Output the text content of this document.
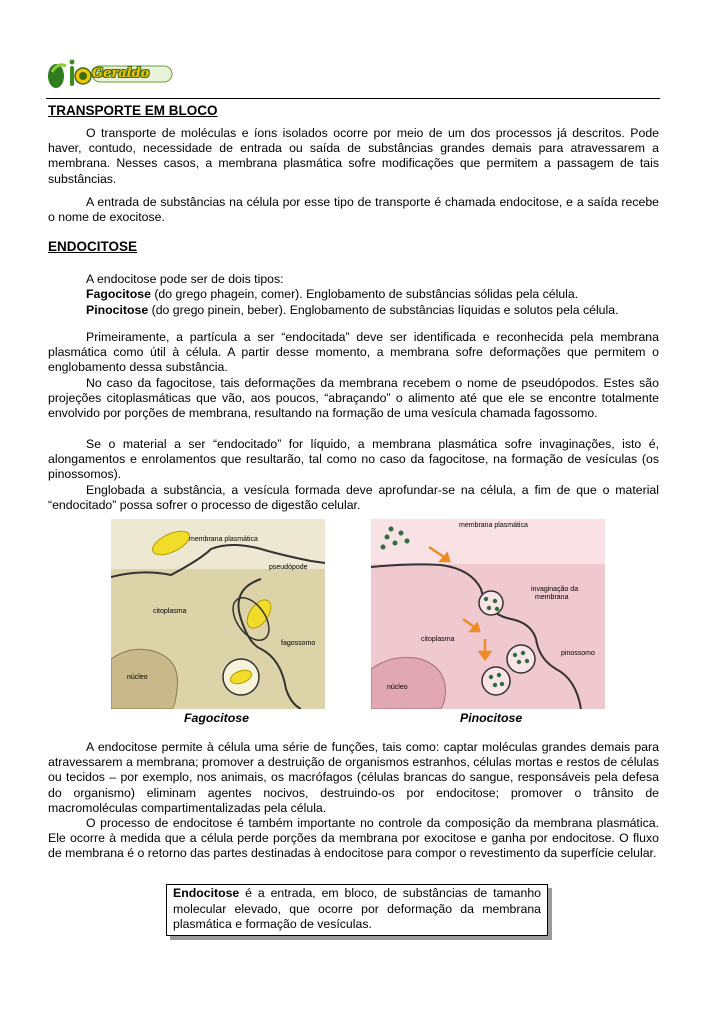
Geraldo
TRANSPORTE EM BLOCO

O transporte de moléculas e íons isolados ocorre por meio de um dos processos já descritos. Pode haver, contudo, necessidade de entrada ou saída de substâncias grandes demais para atravessarem a membrana. Nesses casos, a membrana plasmática sofre modificações que permitem a passagem de tais substâncias.

A entrada de substâncias na célula por esse tipo de transporte é chamada endocitose, e a saída recebe o nome de exocitose.

ENDOCITOSE
A endocitose pode ser de dois tipos:
Fagocitose (do grego phagein, comer). Englobamento de substâncias sólidas pela célula.
Pinocitose (do grego pinein, beber). Englobamento de substâncias líquidas e solutos pela célula.

Primeiramente, a partícula a ser “endocitada” deve ser identificada e reconhecida pela membrana plasmática como útil à célula. A partir desse momento, a membrana sofre deformações que permitem o englobamento dessa substância.

No caso da fagocitose, tais deformações da membrana recebem o nome de pseudópodos. Estes são projeções citoplasmáticas que vão, aos poucos, “abraçando” o alimento até que ele se encontre totalmente envolvido por porções de membrana, resultando na formação de uma vesícula chamada fagossomo.

Se o material a ser “endocitado” for líquido, a membrana plasmática sofre invaginações, isto é, alongamentos e enrolamentos que resultarão, tal como no caso da fagocitose, na formação de vesículas (os pinossomos).

Englobada a substância, a vesícula formada deve aprofundar-se na célula, a fim de que o material “endocitado” possa sofrer o processo de digestão celular.

membrana plasmática
pseudópode
citoplasma
fagossomo
núcleo
membrana plasmática
invaginação da
membrana
citoplasma
pinossomo
núcleo
Fagocitose	Pinocitose

A endocitose permite à célula uma série de funções, tais como: captar moléculas grandes demais para atravessarem a membrana; promover a destruição de organismos estranhos, células mortas e restos de células ou tecidos – por exemplo, nos animais, os macrófagos (células brancas do sangue, responsáveis pela defesa do organismo) eliminam agentes nocivos, destruindo-os por endocitose; promover o trânsito de macromoléculas compartimentalizadas pela célula.

O processo de endocitose é também importante no controle da composição da membrana plasmática. Ele ocorre à medida que a célula perde porções da membrana por exocitose e ganha por endocitose. O fluxo de membrana é o retorno das partes destinadas à endocitose para compor o revestimento da superfície celular.

Endocitose é a entrada, em bloco, de substâncias de tamanho molecular elevado, que ocorre por deformação da membrana plasmática e formação de vesículas.
